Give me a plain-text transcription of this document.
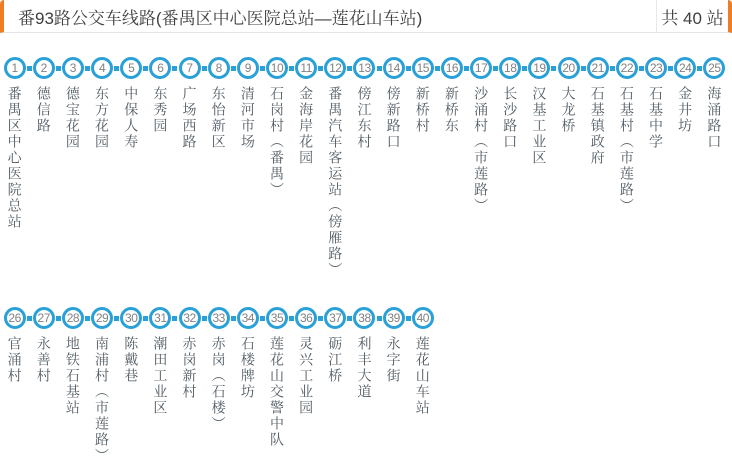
番93路公交车线路(番禺区中心医院总站—莲花山车站)	共 40 站
1
番禺区中心医院总站
2
德信路
3
德宝花园
4
东方花园
5
中保人寿
6
东秀园
7
广场西路
8
东怡新区
9
清河市场
10
石岗村（番禺）
11
金海岸花园
12
番禺汽车客运站（傍雁路）
13
傍江东村
14
傍新路口
15
新桥村
16
新桥东
17
沙涌村（市莲路）
18
长沙路口
19
汉基工业区
20
大龙桥
21
石基镇政府
22
石基村（市莲路）
23
石基中学
24
金井坊
25
海涌路口
26
官涌村
27
永善村
28
地铁石基站
29
南浦村（市莲路）
30
陈戴巷
31
潮田工业区
32
赤岗新村
33
赤岗（石楼）
34
石楼牌坊
35
莲花山交警中队
36
灵兴工业园
37
砺江桥
38
利丰大道
39
永字街
40
莲花山车站
